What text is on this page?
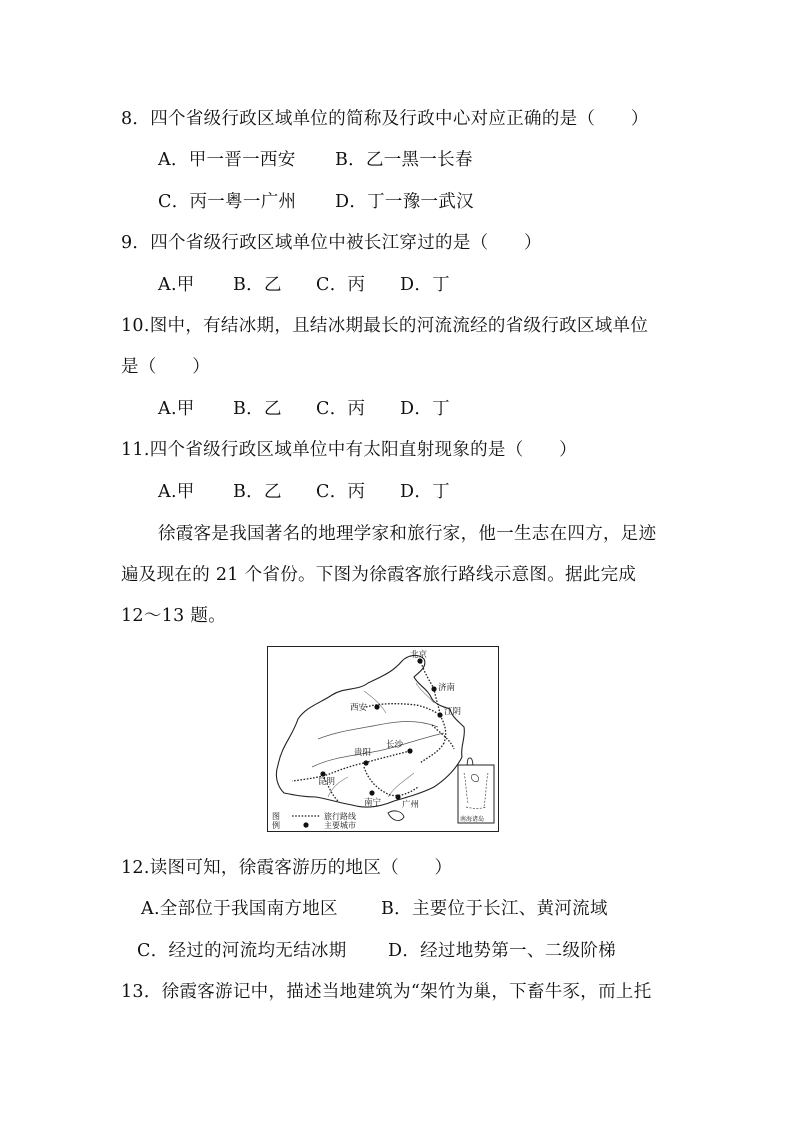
8．四个省级行政区域单位的简称及行政中心对应正确的是（　　）
A．甲一晋一西安 B．乙一黑一长春
C．丙一粤一广州 D．丁一豫一武汉
9．四个省级行政区域单位中被长江穿过的是（　　）
A.甲 B．乙 C．丙 D．丁
10.图中，有结冰期，且结冰期最长的河流流经的省级行政区域单位
是（　　）
A.甲 B．乙 C．丙 D．丁
11.四个省级行政区域单位中有太阳直射现象的是（　　）
A.甲 B．乙 C．丙 D．丁
徐霞客是我国著名的地理学家和旅行家，他一生志在四方，足迹
遍及现在的 21 个省份。下图为徐霞客旅行路线示意图。据此完成
12～13 题。
北京
济南
西安	江阴
贵阳
长沙
昆明
南宁 广州
南海诸岛
图
例
旅行路线
主要城市
12.读图可知，徐霞客游历的地区（　　）
A.全部位于我国南方地区 B．主要位于长江、黄河流域
C．经过的河流均无结冰期 D．经过地势第一、二级阶梯
13．徐霞客游记中，描述当地建筑为“架竹为巢，下畜牛豕，而上托
